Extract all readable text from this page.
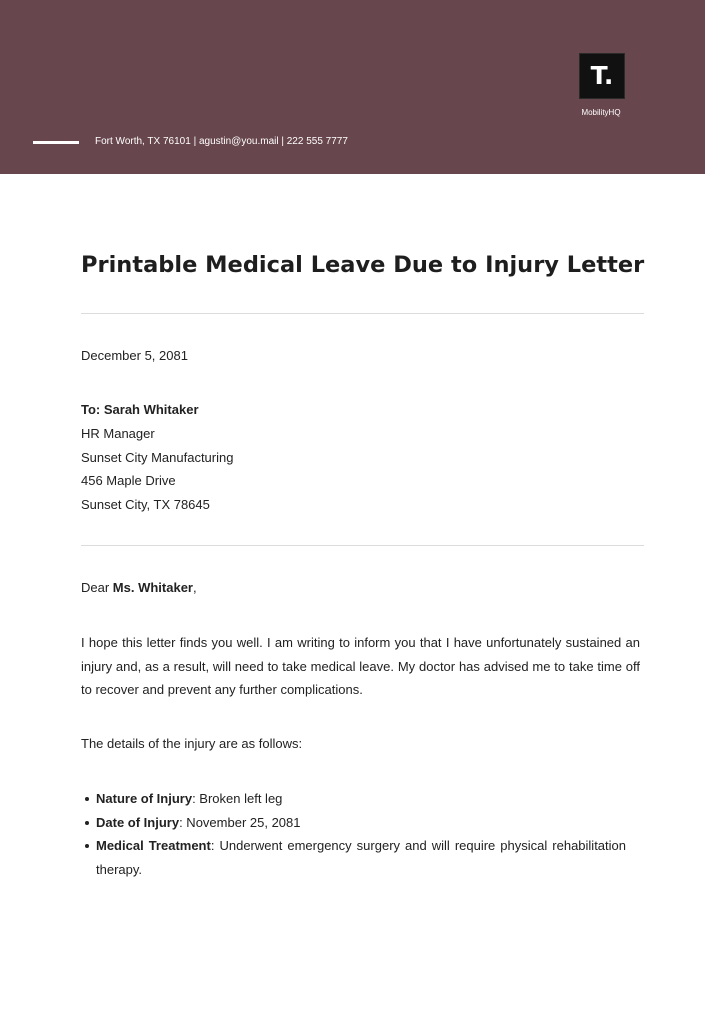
T.
MobilityHQ
Fort Worth, TX 76101 | agustin@you.mail | 222 555 7777
Printable Medical Leave Due to Injury Letter
December 5, 2081
To: Sarah Whitaker
HR Manager
Sunset City Manufacturing
456 Maple Drive
Sunset City, TX 78645
Dear Ms. Whitaker,
I hope this letter finds you well. I am writing to inform you that I have unfortunately sustained an injury and, as a result, will need to take medical leave. My doctor has advised me to take time off to recover and prevent any further complications.
The details of the injury are as follows:
Nature of Injury: Broken left leg
Date of Injury: November 25, 2081
Medical Treatment: Underwent emergency surgery and will require physical rehabilitation therapy.
